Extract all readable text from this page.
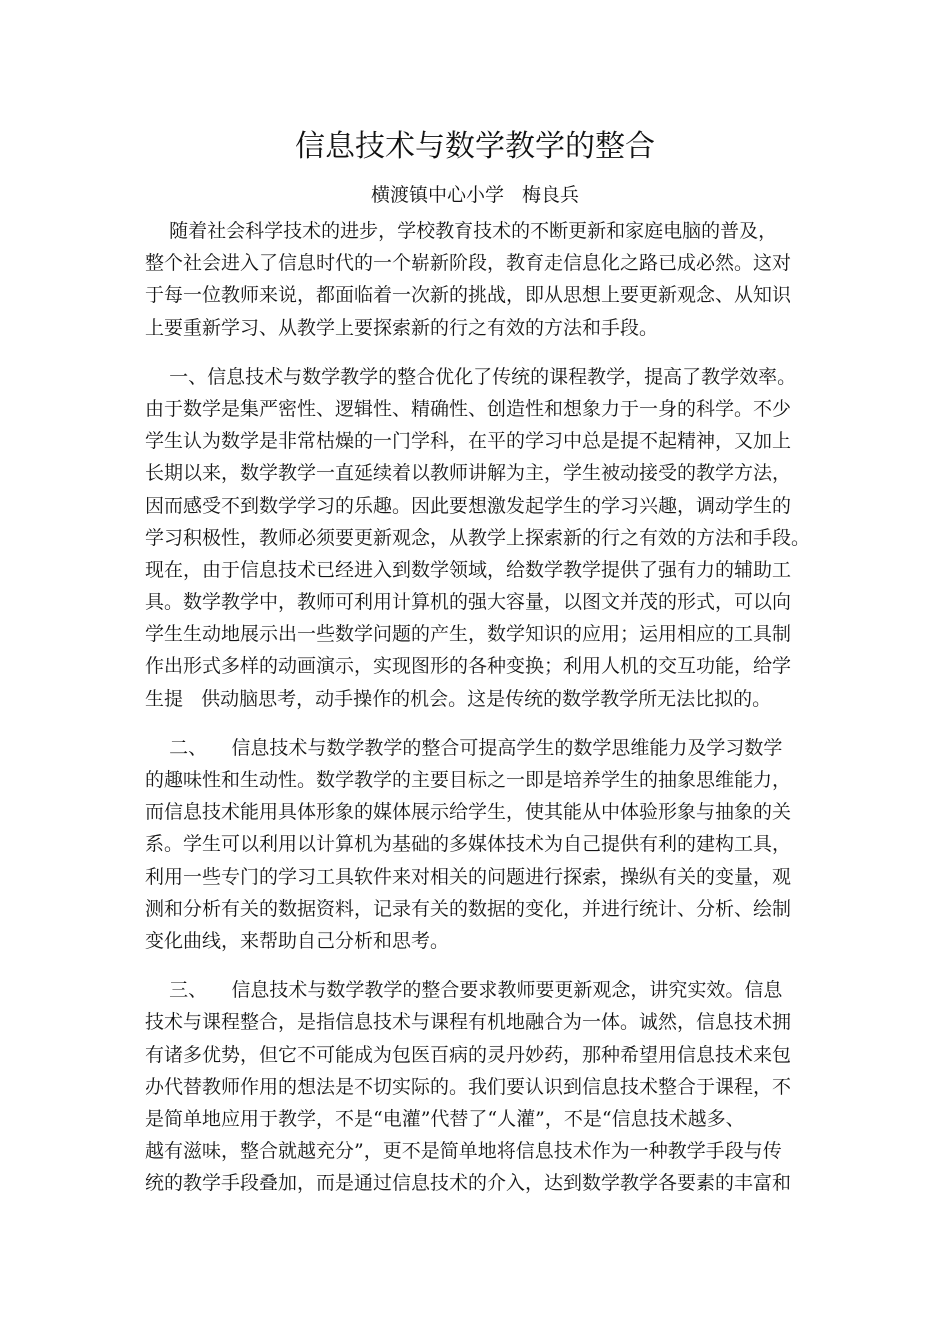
信息技术与数学教学的整合
横渡镇中心小学   梅良兵
随着社会科学技术的进步，学校教育技术的不断更新和家庭电脑的普及，
整个社会进入了信息时代的一个崭新阶段，教育走信息化之路已成必然。这对
于每一位教师来说，都面临着一次新的挑战，即从思想上要更新观念、从知识
上要重新学习、从教学上要探索新的行之有效的方法和手段。
一、信息技术与数学教学的整合优化了传统的课程教学，提高了教学效率。
由于数学是集严密性、逻辑性、精确性、创造性和想象力于一身的科学。不少
学生认为数学是非常枯燥的一门学科，在平的学习中总是提不起精神，又加上
长期以来，数学教学一直延续着以教师讲解为主，学生被动接受的教学方法，
因而感受不到数学学习的乐趣。因此要想激发起学生的学习兴趣，调动学生的
学习积极性，教师必须要更新观念，从教学上探索新的行之有效的方法和手段。
现在，由于信息技术已经进入到数学领域，给数学教学提供了强有力的辅助工
具。数学教学中，教师可利用计算机的强大容量，以图文并茂的形式，可以向
学生生动地展示出一些数学问题的产生，数学知识的应用；运用相应的工具制
作出形式多样的动画演示，实现图形的各种变换；利用人机的交互功能，给学
生提   供动脑思考，动手操作的机会。这是传统的数学教学所无法比拟的。
二、    信息技术与数学教学的整合可提高学生的数学思维能力及学习数学
的趣味性和生动性。数学教学的主要目标之一即是培养学生的抽象思维能力，
而信息技术能用具体形象的媒体展示给学生，使其能从中体验形象与抽象的关
系。学生可以利用以计算机为基础的多媒体技术为自己提供有利的建构工具，
利用一些专门的学习工具软件来对相关的问题进行探索，操纵有关的变量，观
测和分析有关的数据资料，记录有关的数据的变化，并进行统计、分析、绘制
变化曲线，来帮助自己分析和思考。
三、    信息技术与数学教学的整合要求教师要更新观念，讲究实效。信息
技术与课程整合，是指信息技术与课程有机地融合为一体。诚然，信息技术拥
有诸多优势，但它不可能成为包医百病的灵丹妙药，那种希望用信息技术来包
办代替教师作用的想法是不切实际的。我们要认识到信息技术整合于课程，不
是简单地应用于教学，不是“电灌”代替了“人灌”，不是“信息技术越多、
越有滋味，整合就越充分”，更不是简单地将信息技术作为一种教学手段与传
统的教学手段叠加，而是通过信息技术的介入，达到数学教学各要素的丰富和
